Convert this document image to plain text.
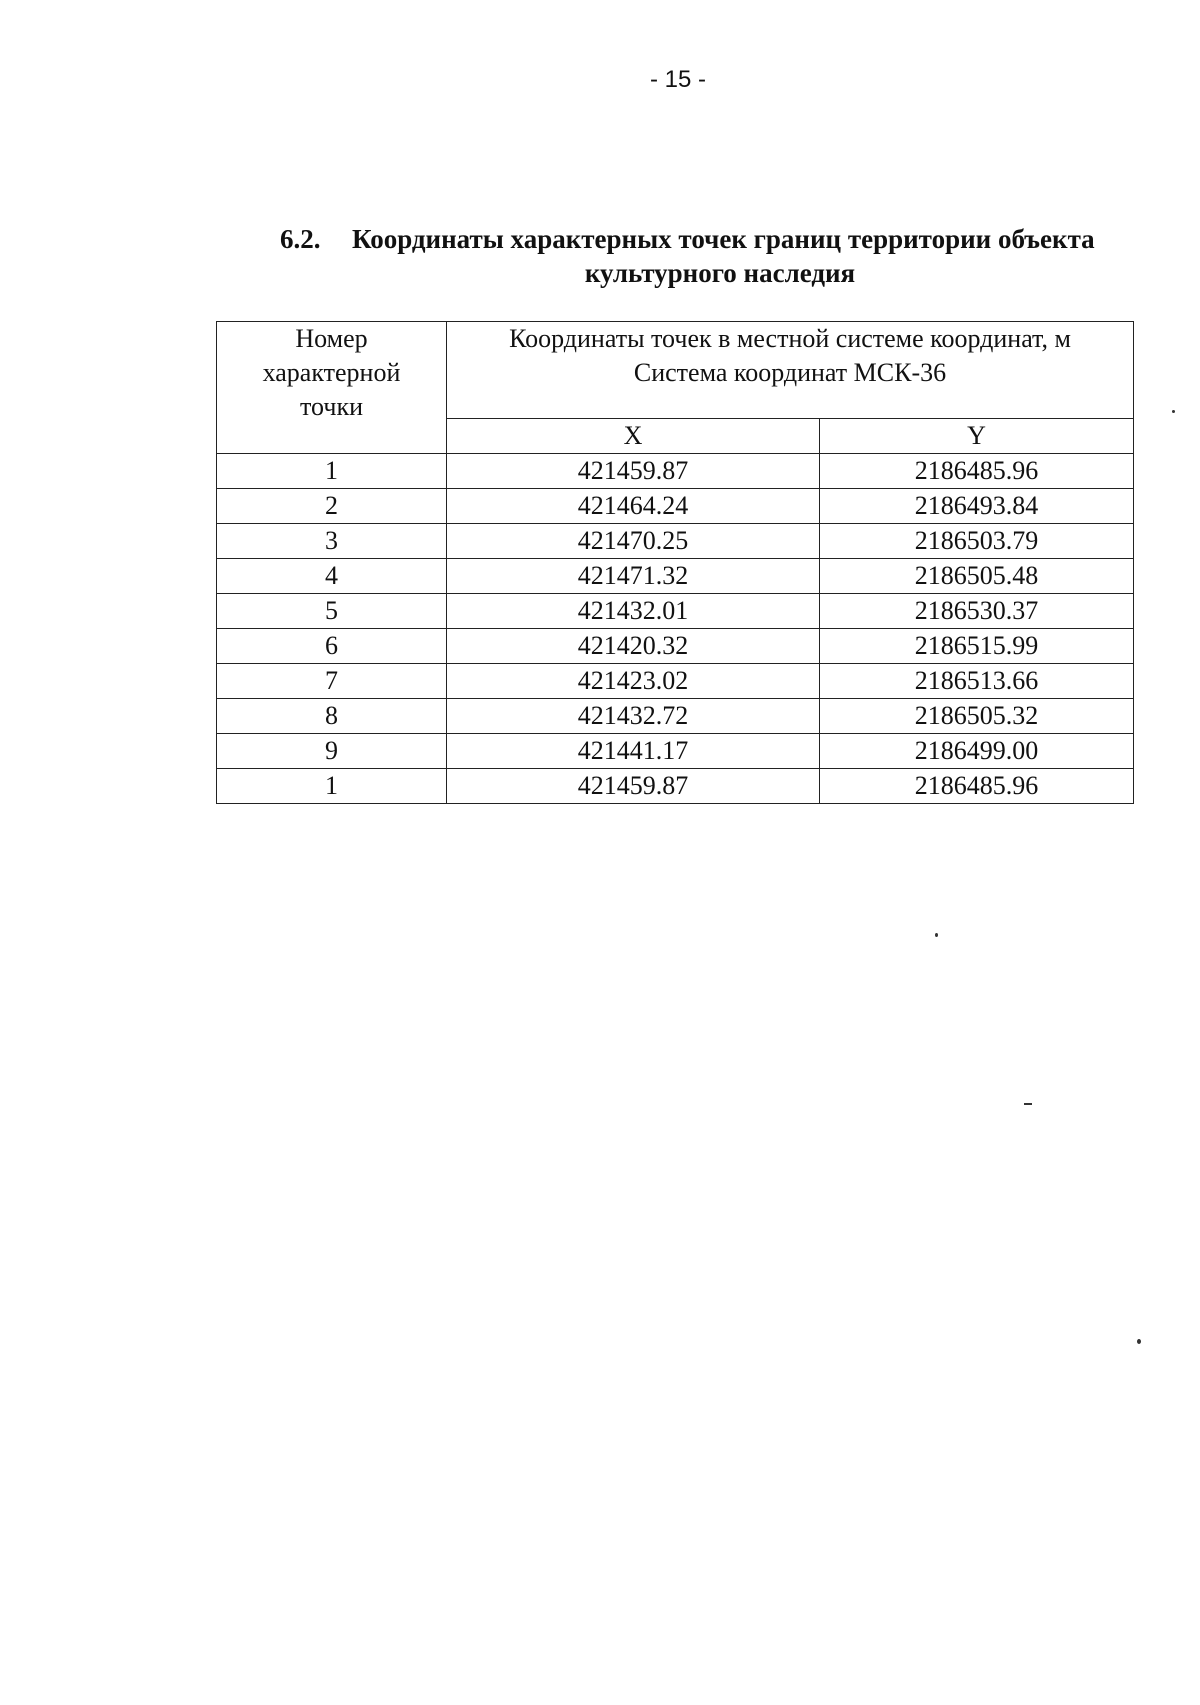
- 15 -
6.2. Координаты характерных точек границ территории объекта
культурного наследия
Номер характерной точки	Координаты точек в местной системе координат, м
Система координат МСК-36	

	X	Y
1	421459.87	2186485.96
2	421464.24	2186493.84
3	421470.25	2186503.79
4	421471.32	2186505.48
5	421432.01	2186530.37
6	421420.32	2186515.99
7	421423.02	2186513.66
8	421432.72	2186505.32
9	421441.17	2186499.00
1	421459.87	2186485.96
